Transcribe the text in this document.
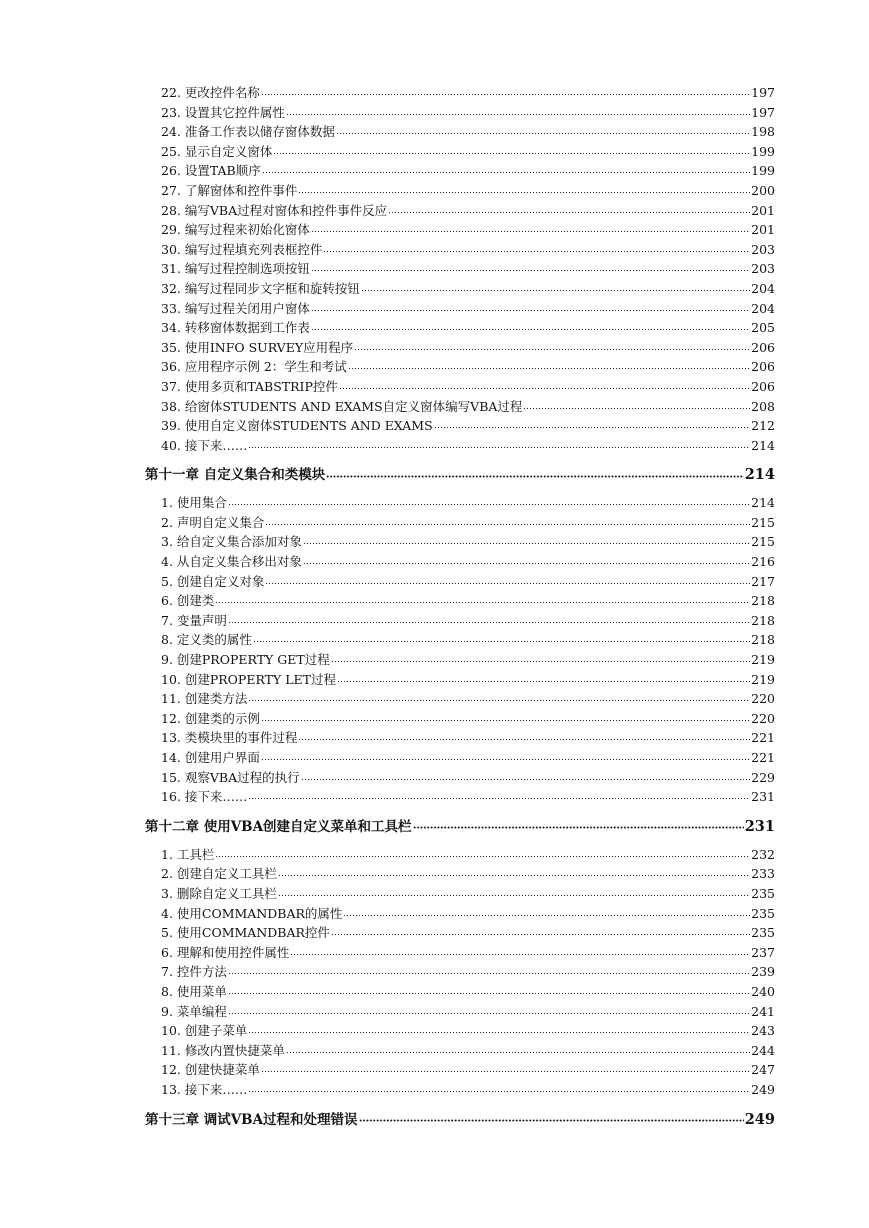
22. 更改控件名称	197
23. 设置其它控件属性	197
24. 准备工作表以储存窗体数据	198
25. 显示自定义窗体	199
26. 设置TAB顺序	199
27. 了解窗体和控件事件	200
28. 编写VBA过程对窗体和控件事件反应	201
29. 编写过程来初始化窗体	201
30. 编写过程填充列表框控件	203
31. 编写过程控制选项按钮	203
32. 编写过程同步文字框和旋转按钮	204
33. 编写过程关闭用户窗体	204
34. 转移窗体数据到工作表	205
35. 使用INFO SURVEY应用程序	206
36. 应用程序示例 2：学生和考试	206
37. 使用多页和TABSTRIP控件	206
38. 给窗体STUDENTS AND EXAMS自定义窗体编写VBA过程	208
39. 使用自定义窗体STUDENTS AND EXAMS	212
40. 接下来……	214
第十一章 自定义集合和类模块	214
1. 使用集合	214
2. 声明自定义集合	215
3. 给自定义集合添加对象	215
4. 从自定义集合移出对象	216
5. 创建自定义对象	217
6. 创建类	218
7. 变量声明	218
8. 定义类的属性	218
9. 创建PROPERTY GET过程	219
10. 创建PROPERTY LET过程	219
11. 创建类方法	220
12. 创建类的示例	220
13. 类模块里的事件过程	221
14. 创建用户界面	221
15. 观察VBA过程的执行	229
16. 接下来……	231
第十二章 使用VBA创建自定义菜单和工具栏	231
1. 工具栏	232
2. 创建自定义工具栏	233
3. 删除自定义工具栏	235
4. 使用COMMANDBAR的属性	235
5. 使用COMMANDBAR控件	235
6. 理解和使用控件属性	237
7. 控件方法	239
8. 使用菜单	240
9. 菜单编程	241
10. 创建子菜单	243
11. 修改内置快捷菜单	244
12. 创建快捷菜单	247
13. 接下来……	249
第十三章 调试VBA过程和处理错误	249
